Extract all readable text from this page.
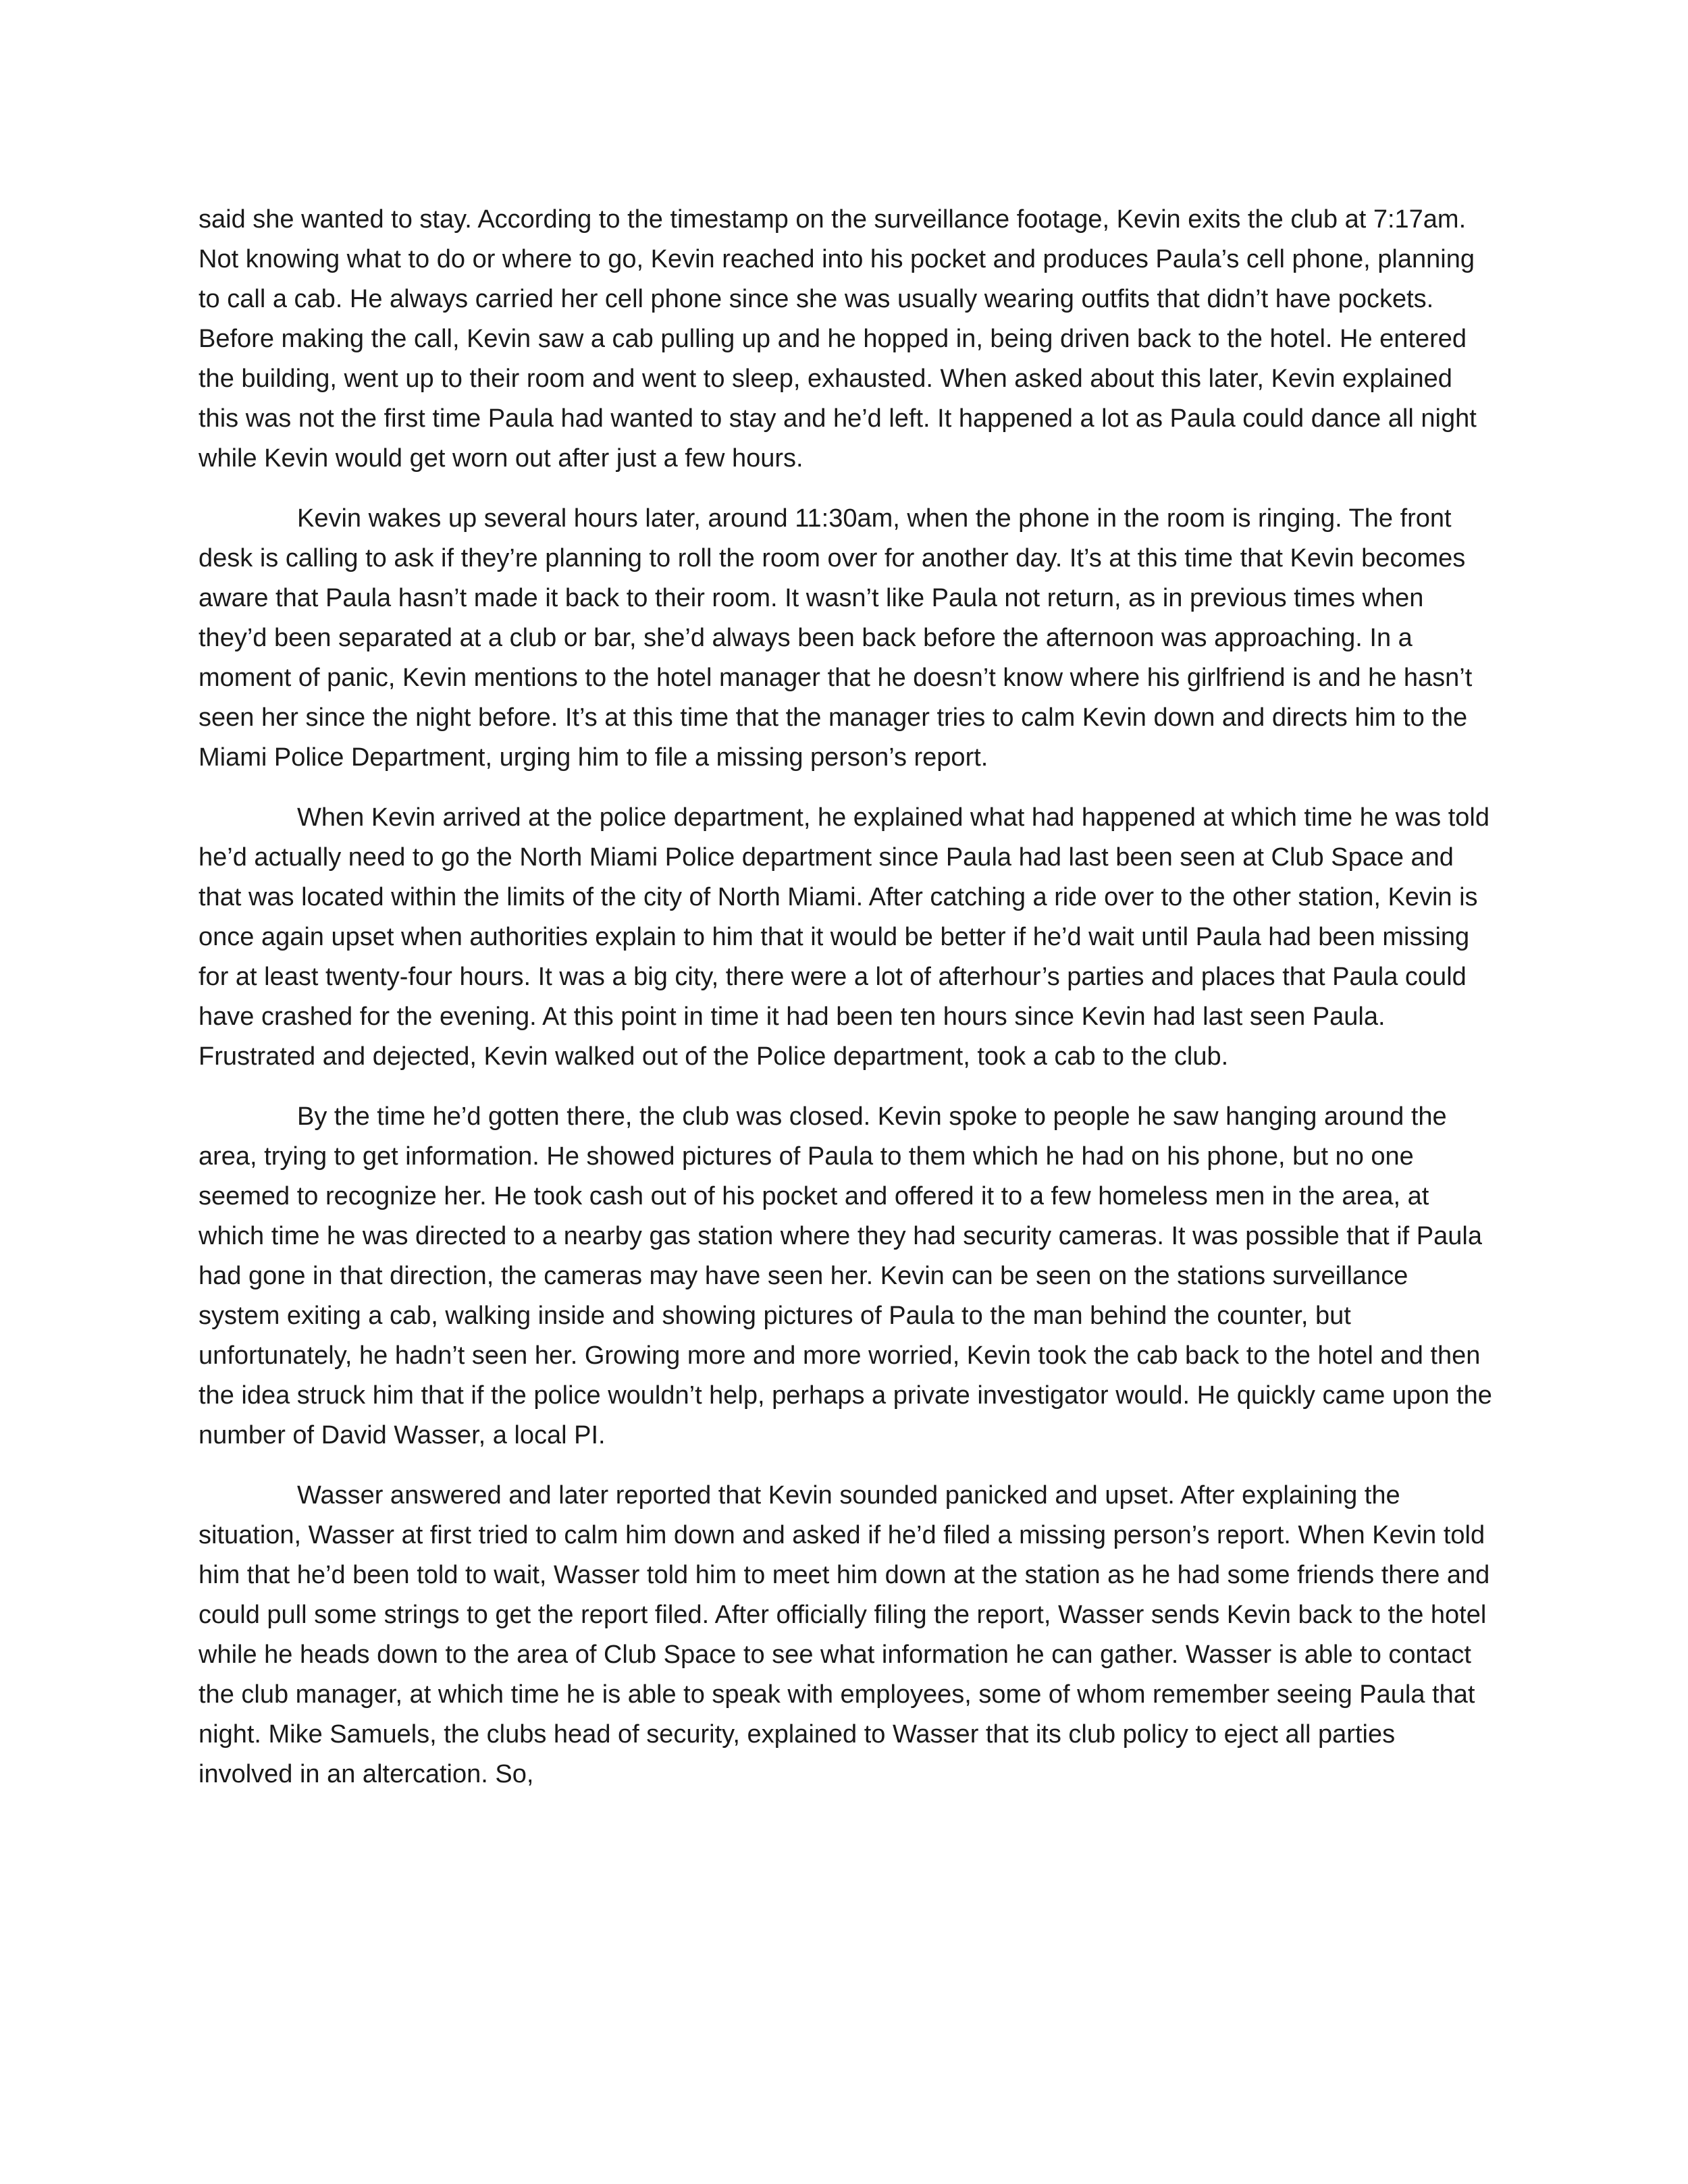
said she wanted to stay. According to the timestamp on the surveillance footage, Kevin exits the club at 7:17am. Not knowing what to do or where to go, Kevin reached into his pocket and produces Paula’s cell phone, planning to call a cab. He always carried her cell phone since she was usually wearing outfits that didn’t have pockets. Before making the call, Kevin saw a cab pulling up and he hopped in, being driven back to the hotel. He entered the building, went up to their room and went to sleep, exhausted. When asked about this later, Kevin explained this was not the first time Paula had wanted to stay and he’d left. It happened a lot as Paula could dance all night while Kevin would get worn out after just a few hours.

Kevin wakes up several hours later, around 11:30am, when the phone in the room is ringing. The front desk is calling to ask if they’re planning to roll the room over for another day. It’s at this time that Kevin becomes aware that Paula hasn’t made it back to their room. It wasn’t like Paula not return, as in previous times when they’d been separated at a club or bar, she’d always been back before the afternoon was approaching. In a moment of panic, Kevin mentions to the hotel manager that he doesn’t know where his girlfriend is and he hasn’t seen her since the night before. It’s at this time that the manager tries to calm Kevin down and directs him to the Miami Police Department, urging him to file a missing person’s report.

When Kevin arrived at the police department, he explained what had happened at which time he was told he’d actually need to go the North Miami Police department since Paula had last been seen at Club Space and that was located within the limits of the city of North Miami. After catching a ride over to the other station, Kevin is once again upset when authorities explain to him that it would be better if he’d wait until Paula had been missing for at least twenty-four hours. It was a big city, there were a lot of afterhour’s parties and places that Paula could have crashed for the evening. At this point in time it had been ten hours since Kevin had last seen Paula. Frustrated and dejected, Kevin walked out of the Police department, took a cab to the club.

By the time he’d gotten there, the club was closed. Kevin spoke to people he saw hanging around the area, trying to get information. He showed pictures of Paula to them which he had on his phone, but no one seemed to recognize her. He took cash out of his pocket and offered it to a few homeless men in the area, at which time he was directed to a nearby gas station where they had security cameras. It was possible that if Paula had gone in that direction, the cameras may have seen her. Kevin can be seen on the stations surveillance system exiting a cab, walking inside and showing pictures of Paula to the man behind the counter, but unfortunately, he hadn’t seen her. Growing more and more worried, Kevin took the cab back to the hotel and then the idea struck him that if the police wouldn’t help, perhaps a private investigator would. He quickly came upon the number of David Wasser, a local PI.

Wasser answered and later reported that Kevin sounded panicked and upset. After explaining the situation, Wasser at first tried to calm him down and asked if he’d filed a missing person’s report. When Kevin told him that he’d been told to wait, Wasser told him to meet him down at the station as he had some friends there and could pull some strings to get the report filed. After officially filing the report, Wasser sends Kevin back to the hotel while he heads down to the area of Club Space to see what information he can gather. Wasser is able to contact the club manager, at which time he is able to speak with employees, some of whom remember seeing Paula that night. Mike Samuels, the clubs head of security, explained to Wasser that its club policy to eject all parties involved in an altercation. So,
